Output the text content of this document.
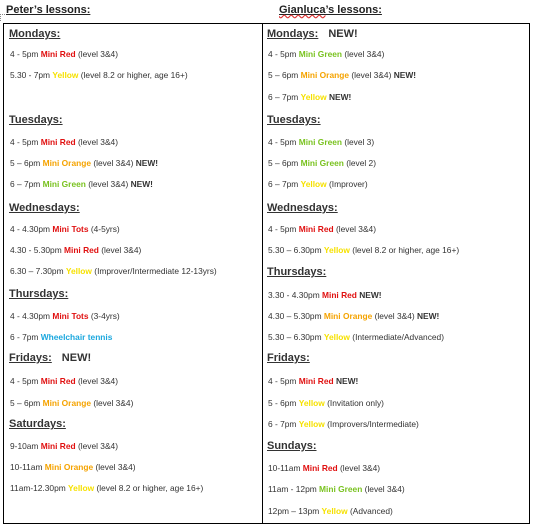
Peter’s lessons:	Gianluca’s lessons:
Mondays:
4 - 5pm Mini Red (level 3&4)
5.30 - 7pm Yellow (level 8.2 or higher, age 16+)
Tuesdays:
4 - 5pm Mini Red (level 3&4)
5 – 6pm Mini Orange (level 3&4) NEW!
6 – 7pm Mini Green (level 3&4) NEW!
Wednesdays:
4 - 4.30pm Mini Tots (4-5yrs)
4.30 - 5.30pm Mini Red (level 3&4)
6.30 – 7.30pm Yellow (Improver/Intermediate 12-13yrs)
Thursdays:
4 - 4.30pm Mini Tots (3-4yrs)
6 - 7pm Wheelchair tennis
Fridays: NEW!
4 - 5pm Mini Red (level 3&4)
5 – 6pm Mini Orange (level 3&4)
Saturdays:
9-10am Mini Red (level 3&4)
10-11am Mini Orange (level 3&4)
11am-12.30pm Yellow (level 8.2 or higher, age 16+)
Mondays: NEW!
4 - 5pm Mini Green (level 3&4)
5 – 6pm Mini Orange (level 3&4) NEW!
6 – 7pm Yellow NEW!
Tuesdays:
4 - 5pm Mini Green (level 3)
5 – 6pm Mini Green (level 2)
6 – 7pm Yellow (Improver)
Wednesdays:
4 - 5pm Mini Red (level 3&4)
5.30 – 6.30pm Yellow (level 8.2 or higher, age 16+)
Thursdays:
3.30 - 4.30pm Mini Red NEW!
4.30 – 5.30pm Mini Orange (level 3&4) NEW!
5.30 – 6.30pm Yellow (Intermediate/Advanced)
Fridays:
4 - 5pm Mini Red NEW!
5 - 6pm Yellow (Invitation only)
6 - 7pm Yellow (Improvers/Intermediate)
Sundays:
10-11am Mini Red (level 3&4)
11am - 12pm Mini Green (level 3&4)
12pm – 13pm Yellow (Advanced)
